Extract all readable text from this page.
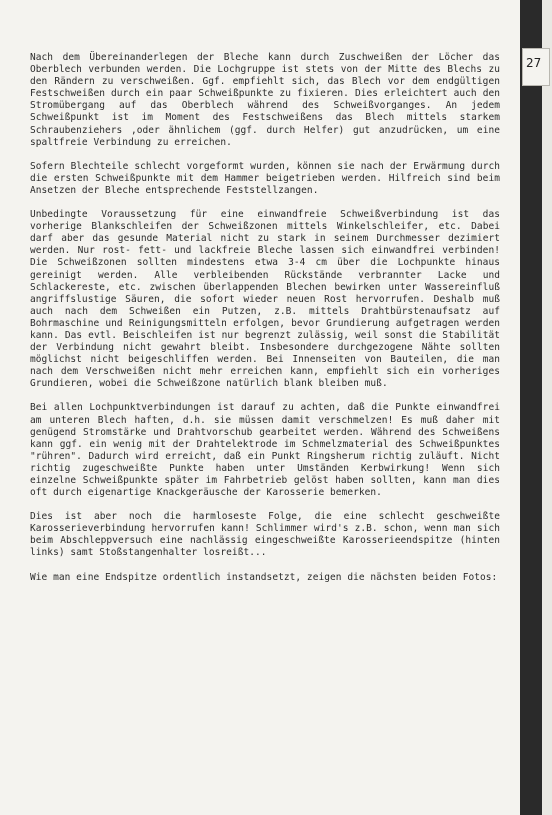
Nach dem Übereinanderlegen der Bleche kann durch Zuschweißen der Löcher das Oberblech verbunden werden. Die Lochgruppe ist stets von der Mitte des Blechs zu den Rändern zu verschweißen. Ggf. empfiehlt sich, das Blech vor dem endgültigen Festschweißen durch ein paar Schweißpunkte zu fixieren. Dies erleichtert auch den Stromübergang auf das Oberblech während des Schweißvorganges. An jedem Schweißpunkt ist im Moment des Festschweißens das Blech mittels starkem Schraubenziehers ,oder ähnlichem (ggf. durch Helfer) gut anzudrücken, um eine spaltfreie Verbindung zu erreichen.

Sofern Blechteile schlecht vorgeformt wurden, können sie nach der Erwärmung durch die ersten Schweißpunkte mit dem Hammer beigetrieben werden. Hilfreich sind beim Ansetzen der Bleche entsprechende Feststellzangen.

Unbedingte Voraussetzung für eine einwandfreie Schweißverbindung ist das vorherige Blankschleifen der Schweißzonen mittels Winkelschleifer, etc. Dabei darf aber das gesunde Material nicht zu stark in seinem Durchmesser dezimiert werden. Nur rost- fett- und lackfreie Bleche lassen sich einwandfrei verbinden! Die Schweißzonen sollten mindestens etwa 3-4 cm über die Lochpunkte hinaus gereinigt werden. Alle verbleibenden Rückstände verbrannter Lacke und Schlackereste, etc. zwischen überlappenden Blechen bewirken unter Wassereinfluß angriffslustige Säuren, die sofort wieder neuen Rost hervorrufen. Deshalb muß auch nach dem Schweißen ein Putzen, z.B. mittels Drahtbürstenaufsatz auf Bohrmaschine und Reinigungsmitteln erfolgen, bevor Grundierung aufgetragen werden kann. Das evtl. Beischleifen ist nur begrenzt zulässig, weil sonst die Stabilität der Verbindung nicht gewahrt bleibt. Insbesondere durchgezogene Nähte sollten möglichst nicht beigeschliffen werden. Bei Innenseiten von Bauteilen, die man nach dem Verschweißen nicht mehr erreichen kann, empfiehlt sich ein vorheriges Grundieren, wobei die Schweißzone natürlich blank bleiben muß.

Bei allen Lochpunktverbindungen ist darauf zu achten, daß die Punkte einwandfrei am unteren Blech haften, d.h. sie müssen damit verschmelzen! Es muß daher mit genügend Stromstärke und Drahtvorschub gearbeitet werden. Während des Schweißens kann ggf. ein wenig mit der Drahtelektrode im Schmelzmaterial des Schweißpunktes "rühren". Dadurch wird erreicht, daß ein Punkt Ringsherum richtig zuläuft. Nicht richtig zugeschweißte Punkte haben unter Umständen Kerbwirkung! Wenn sich einzelne Schweißpunkte später im Fahrbetrieb gelöst haben sollten, kann man dies oft durch eigenartige Knackgeräusche der Karosserie bemerken.

Dies ist aber noch die harmloseste Folge, die eine schlecht geschweißte Karosserieverbindung hervorrufen kann! Schlimmer wird's z.B. schon, wenn man sich beim Abschleppversuch eine nachlässig eingeschweißte Karosserieendspitze (hinten links) samt Stoßstangenhalter losreißt...

Wie man eine Endspitze ordentlich instandsetzt, zeigen die nächsten beiden Fotos:

27
